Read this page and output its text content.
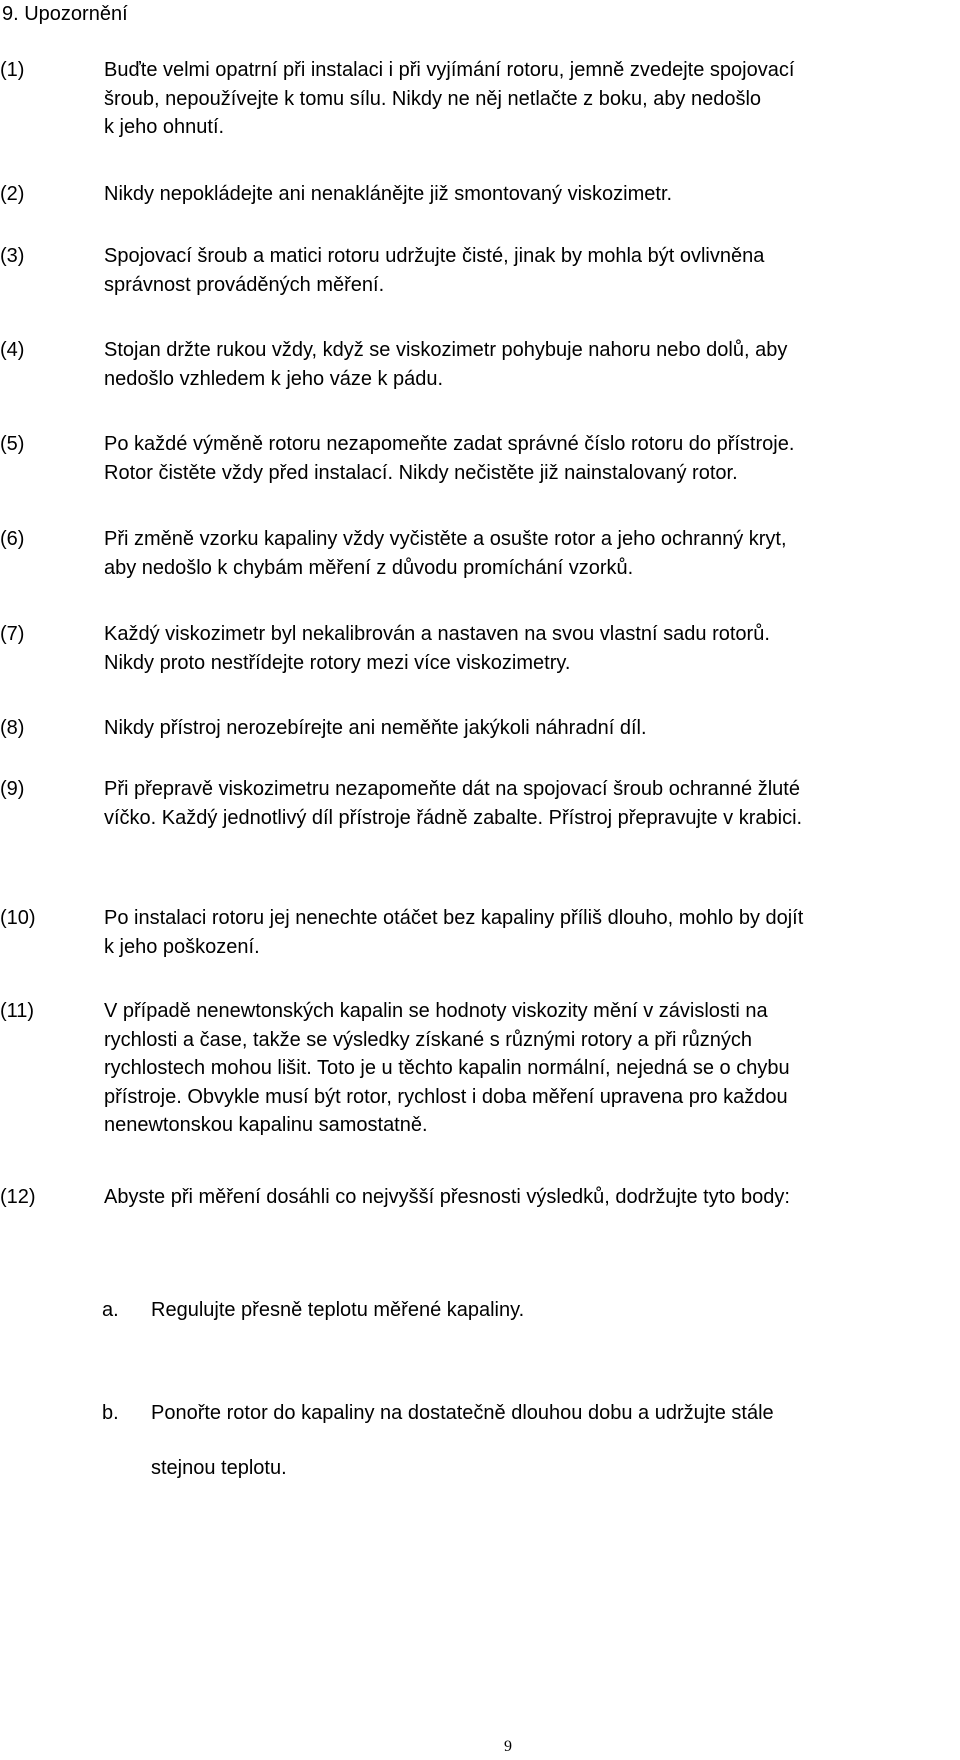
9. Upozornění
(1)	Buďte velmi opatrní při instalaci i při vyjímání rotoru, jemně zvedejte spojovací
šroub, nepoužívejte k tomu sílu. Nikdy ne něj netlačte z boku, aby nedošlo
k jeho ohnutí.
(2)	Nikdy nepokládejte ani nenaklánějte již smontovaný viskozimetr.
(3)	Spojovací šroub a matici rotoru udržujte čisté, jinak by mohla být ovlivněna
správnost prováděných měření.
(4)	Stojan držte rukou vždy, když se viskozimetr pohybuje nahoru nebo dolů, aby
nedošlo vzhledem k jeho váze k pádu.
(5)	Po každé výměně rotoru nezapomeňte zadat správné číslo rotoru do přístroje.
Rotor čistěte vždy před instalací. Nikdy nečistěte již nainstalovaný rotor.
(6)	Při změně vzorku kapaliny vždy vyčistěte a osušte rotor a jeho ochranný kryt,
aby nedošlo k chybám měření z důvodu promíchání vzorků.
(7)	Každý viskozimetr byl nekalibrován a nastaven na svou vlastní sadu rotorů.
Nikdy proto nestřídejte rotory mezi více viskozimetry.
(8)	Nikdy přístroj nerozebírejte ani neměňte jakýkoli náhradní díl.
(9)	Při přepravě viskozimetru nezapomeňte dát na spojovací šroub ochranné žluté
víčko. Každý jednotlivý díl přístroje řádně zabalte. Přístroj přepravujte v krabici.
(10)	Po instalaci rotoru jej nenechte otáčet bez kapaliny příliš dlouho, mohlo by dojít
k jeho poškození.
(11)	V případě nenewtonských kapalin se hodnoty viskozity mění v závislosti na
rychlosti a čase, takže se výsledky získané s různými rotory a při různých
rychlostech mohou lišit. Toto je u těchto kapalin normální, nejedná se o chybu
přístroje. Obvykle musí být rotor, rychlost i doba měření upravena pro každou
nenewtonskou kapalinu samostatně.
(12)	Abyste při měření dosáhli co nejvyšší přesnosti výsledků, dodržujte tyto body:
a. Regulujte přesně teplotu měřené kapaliny.
b. Ponořte rotor do kapaliny na dostatečně dlouhou dobu a udržujte stále
stejnou teplotu.
9
